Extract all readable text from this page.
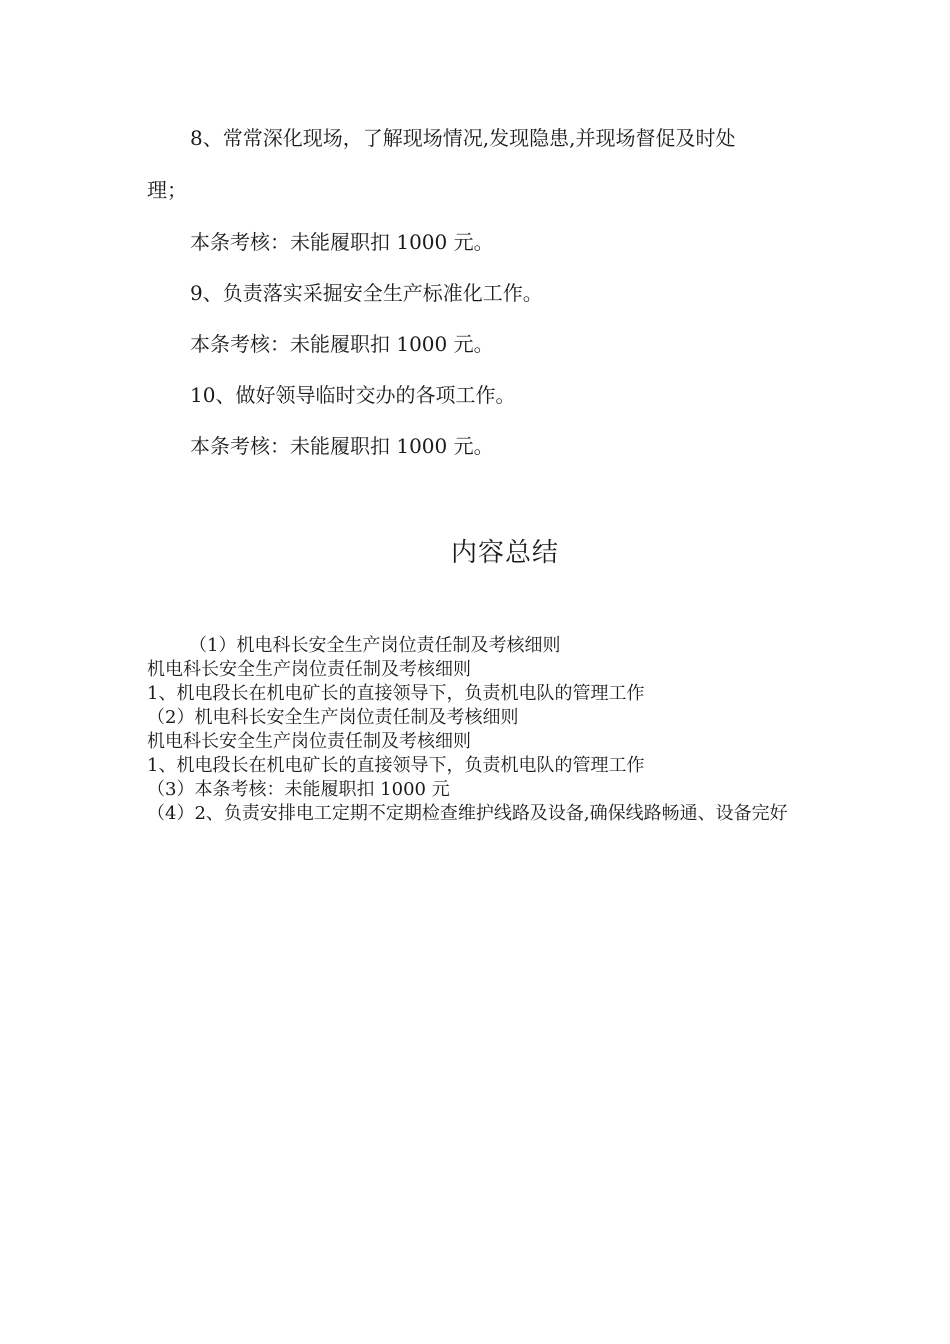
8、常常深化现场，了解现场情况,发现隐患,并现场督促及时处
理；
本条考核：未能履职扣 1000 元。
9、负责落实采掘安全生产标准化工作。
本条考核：未能履职扣 1000 元。
10、做好领导临时交办的各项工作。
本条考核：未能履职扣 1000 元。
内容总结
（1）机电科长安全生产岗位责任制及考核细则
机电科长安全生产岗位责任制及考核细则
1、机电段长在机电矿长的直接领导下，负责机电队的管理工作
（2）机电科长安全生产岗位责任制及考核细则
机电科长安全生产岗位责任制及考核细则
1、机电段长在机电矿长的直接领导下，负责机电队的管理工作
（3）本条考核：未能履职扣 1000 元
（4）2、负责安排电工定期不定期检查维护线路及设备,确保线路畅通、设备完好
